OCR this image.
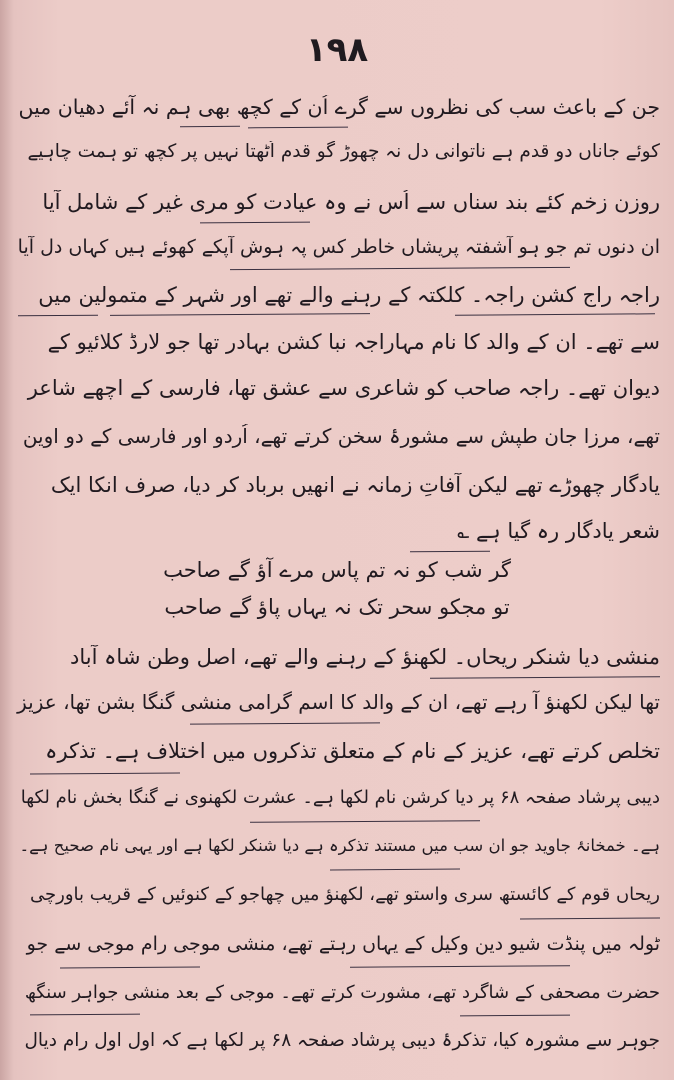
۱۹۸
جن کے باعث سب کی نظروں سے گرے اُن کے کچھ بھی ہم نہ آئے دھیان میں
کوئے جاناں دو قدم ہے ناتوانی دل نہ چھوڑ گو قدم اُٹھتا نہیں پر کچھ تو ہمت چاہیے
روزنِ زخم کئے بند سناں سے اُس نے وہ عیادت کو مری غیر کے شامل آیا
ان دنوں تم جو ہو آشفتہ پریشاں خاطر کس پہ ہوش آپکے کھوئے ہیں کہاں دل آیا
راجہ راج کشن راجہ۔ کلکتہ کے رہنے والے تھے اور شہر کے متمولین میں
سے تھے۔ ان کے والد کا نام مہاراجہ نبا کشن بہادر تھا جو لارڈ کلائیو کے
دیوان تھے۔ راجہ صاحب کو شاعری سے عشق تھا، فارسی کے اچھے شاعر
تھے، مرزا جان طپش سے مشورۂ سخن کرتے تھے، اُردو اور فارسی کے دو اوین
یادگار چھوڑے تھے لیکن آفاتِ زمانہ نے انھیں برباد کر دیا، صرف انکا ایک
شعر یادگار رہ گیا ہے ؎
گر شب کو نہ تم پاس مرے آؤ گے صاحب
تو مجکو سحر تک نہ یہاں پاؤ گے صاحب
منشی دیا شنکر ریحاں۔ لکھنؤ کے رہنے والے تھے، اصل وطن شاہ آباد
تھا لیکن لکھنؤ آ رہے تھے، ان کے والد کا اسم گرامی منشی گنگا بشن تھا، عزیز
تخلص کرتے تھے، عزیز کے نام کے متعلق تذکروں میں اختلاف ہے۔ تذکرہ
دیبی پرشاد صفحہ ۶۸ پر دیا کرشن نام لکھا ہے۔ عشرت لکھنوی نے گنگا بخش نام لکھا
ہے۔ خمخانۂ جاوید جو ان سب میں مستند تذکرہ ہے دیا شنکر لکھا ہے اور یہی نام صحیح ہے۔
ریحاں قوم کے کائستھ سری واستو تھے، لکھنؤ میں چھاجو کے کنوئیں کے قریب باورچی
ٹولہ میں پنڈت شیو دین وکیل کے یہاں رہتے تھے، منشی موجی رام موجی سے جو
حضرت مصحفی کے شاگرد تھے، مشورت کرتے تھے۔ موجی کے بعد منشی جواہر سنگھ
جوہر سے مشورہ کیا، تذکرۂ دیبی پرشاد صفحہ ۶۸ پر لکھا ہے کہ اول اول رام دیال
